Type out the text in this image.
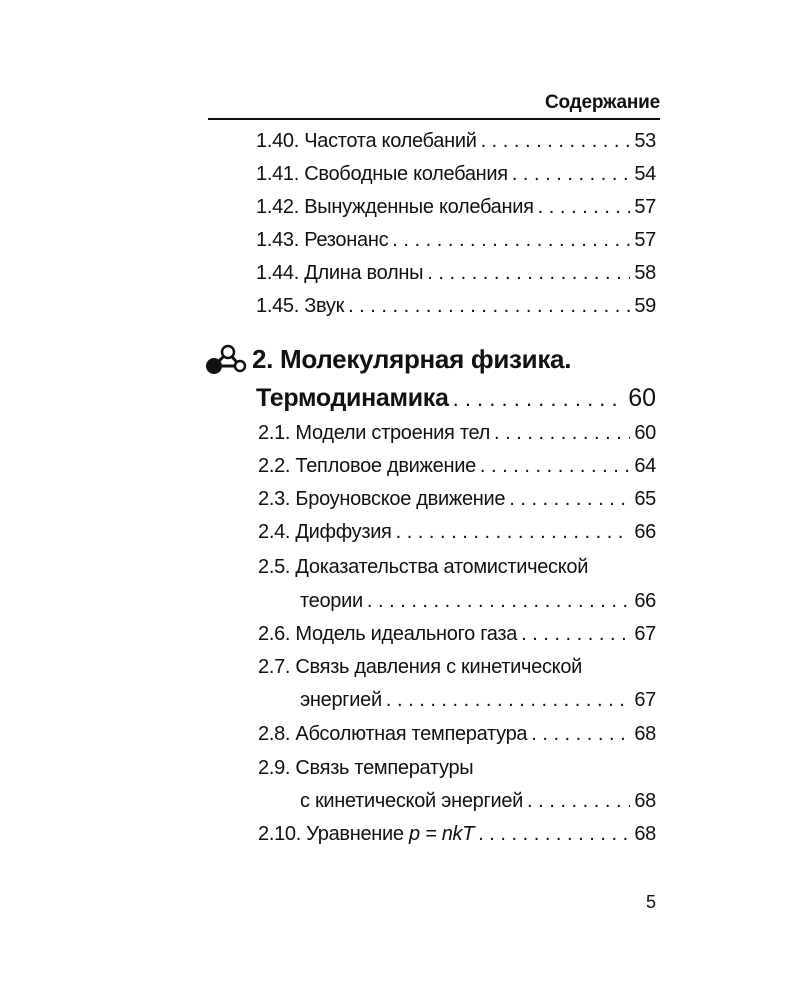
Содержание
1.40. Частота колебаний . . .	53
1.41. Свободные колебания . . .	54
1.42. Вынужденные колебания . . .	57
1.43. Резонанс . . .	57
1.44. Длина волны . . .	58
1.45. Звук . . .	59
2. Молекулярная физика.
Термодинамика . . .	60
2.1. Модели строения тел . . .	60
2.2. Тепловое движение . . .	64
2.3. Броуновское движение . . .	65
2.4. Диффузия . . .	66
2.5. Доказательства атомистической
теории . . .	66
2.6. Модель идеального газа . . .	67
2.7. Связь давления с кинетической
энергией . . .	67
2.8. Абсолютная температура . . .	68
2.9. Связь температуры
с кинетической энергией . . .	68
2.10. Уравнение p = nkT . . .	68
5
